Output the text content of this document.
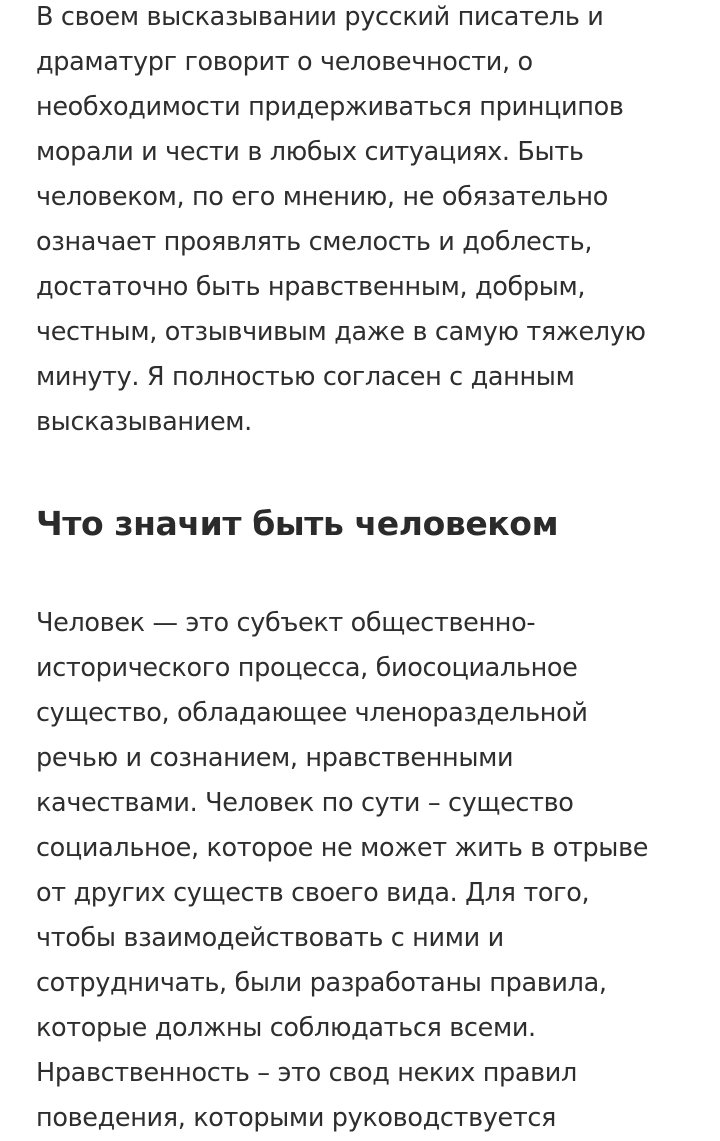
В своем высказывании русский писатель и
драматург говорит о человечности, о
необходимости придерживаться принципов
морали и чести в любых ситуациях. Быть
человеком, по его мнению, не обязательно
означает проявлять смелость и доблесть,
достаточно быть нравственным, добрым,
честным, отзывчивым даже в самую тяжелую
минуту. Я полностью согласен с данным
высказыванием.
Что значит быть человеком
Человек — это субъект общественно-
исторического процесса, биосоциальное
существо, обладающее членораздельной
речью и сознанием, нравственными
качествами. Человек по сути – существо
социальное, которое не может жить в отрыве
от других существ своего вида. Для того,
чтобы взаимодействовать с ними и
сотрудничать, были разработаны правила,
которые должны соблюдаться всеми.
Нравственность – это свод неких правил
поведения, которыми руководствуется
